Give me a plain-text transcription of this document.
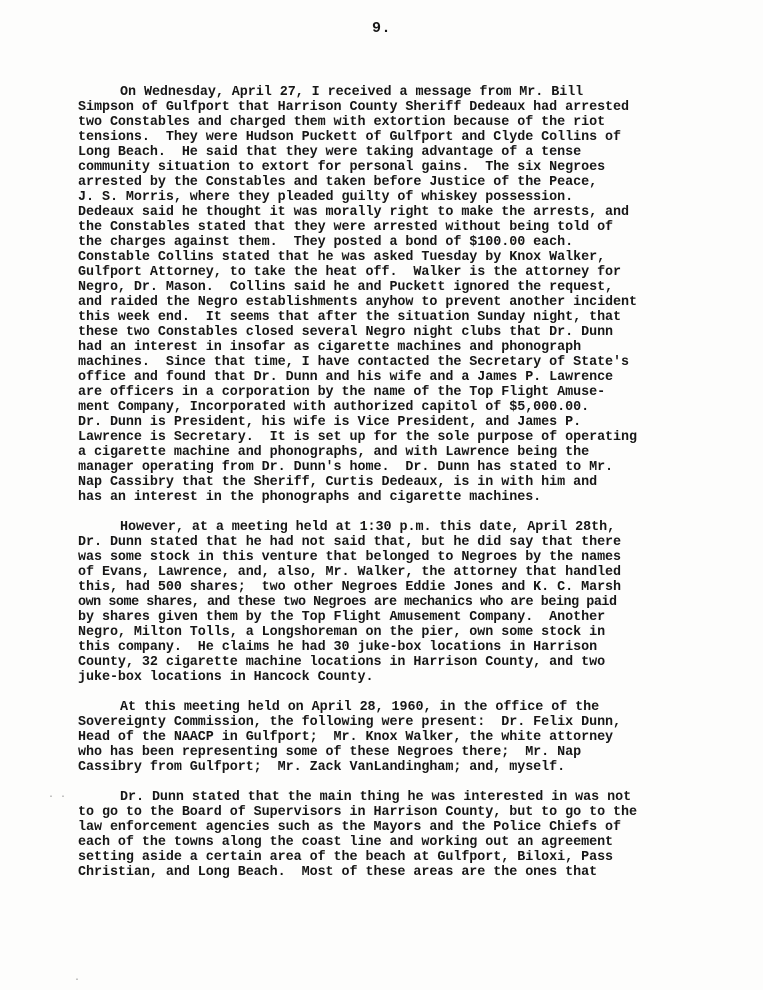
9.
On Wednesday, April 27, I received a message from Mr. Bill
Simpson of Gulfport that Harrison County Sheriff Dedeaux had arrested
two Constables and charged them with extortion because of the riot
tensions.  They were Hudson Puckett of Gulfport and Clyde Collins of
Long Beach.  He said that they were taking advantage of a tense
community situation to extort for personal gains.  The six Negroes
arrested by the Constables and taken before Justice of the Peace,
J. S. Morris, where they pleaded guilty of whiskey possession.
Dedeaux said he thought it was morally right to make the arrests, and
the Constables stated that they were arrested without being told of
the charges against them.  They posted a bond of $100.00 each.
Constable Collins stated that he was asked Tuesday by Knox Walker,
Gulfport Attorney, to take the heat off.  Walker is the attorney for
Negro, Dr. Mason.  Collins said he and Puckett ignored the request,
and raided the Negro establishments anyhow to prevent another incident
this week end.  It seems that after the situation Sunday night, that
these two Constables closed several Negro night clubs that Dr. Dunn
had an interest in insofar as cigarette machines and phonograph
machines.  Since that time, I have contacted the Secretary of State's
office and found that Dr. Dunn and his wife and a James P. Lawrence
are officers in a corporation by the name of the Top Flight Amuse-
ment Company, Incorporated with authorized capitol of $5,000.00.
Dr. Dunn is President, his wife is Vice President, and James P.
Lawrence is Secretary.  It is set up for the sole purpose of operating
a cigarette machine and phonographs, and with Lawrence being the
manager operating from Dr. Dunn's home.  Dr. Dunn has stated to Mr.
Nap Cassibry that the Sheriff, Curtis Dedeaux, is in with him and
has an interest in the phonographs and cigarette machines.
However, at a meeting held at 1:30 p.m. this date, April 28th,
Dr. Dunn stated that he had not said that, but he did say that there
was some stock in this venture that belonged to Negroes by the names
of Evans, Lawrence, and, also, Mr. Walker, the attorney that handled
this, had 500 shares;  two other Negroes Eddie Jones and K. C. Marsh
own some shares, and these two Negroes are mechanics who are being paid
by shares given them by the Top Flight Amusement Company.  Another
Negro, Milton Tolls, a Longshoreman on the pier, own some stock in
this company.  He claims he had 30 juke-box locations in Harrison
County, 32 cigarette machine locations in Harrison County, and two
juke-box locations in Hancock County.
At this meeting held on April 28, 1960, in the office of the
Sovereignty Commission, the following were present:  Dr. Felix Dunn,
Head of the NAACP in Gulfport;  Mr. Knox Walker, the white attorney
who has been representing some of these Negroes there;  Mr. Nap
Cassibry from Gulfport;  Mr. Zack VanLandingham; and, myself.
Dr. Dunn stated that the main thing he was interested in was not
to go to the Board of Supervisors in Harrison County, but to go to the
law enforcement agencies such as the Mayors and the Police Chiefs of
each of the towns along the coast line and working out an agreement
setting aside a certain area of the beach at Gulfport, Biloxi, Pass
Christian, and Long Beach.  Most of these areas are the ones that
· ·
·
